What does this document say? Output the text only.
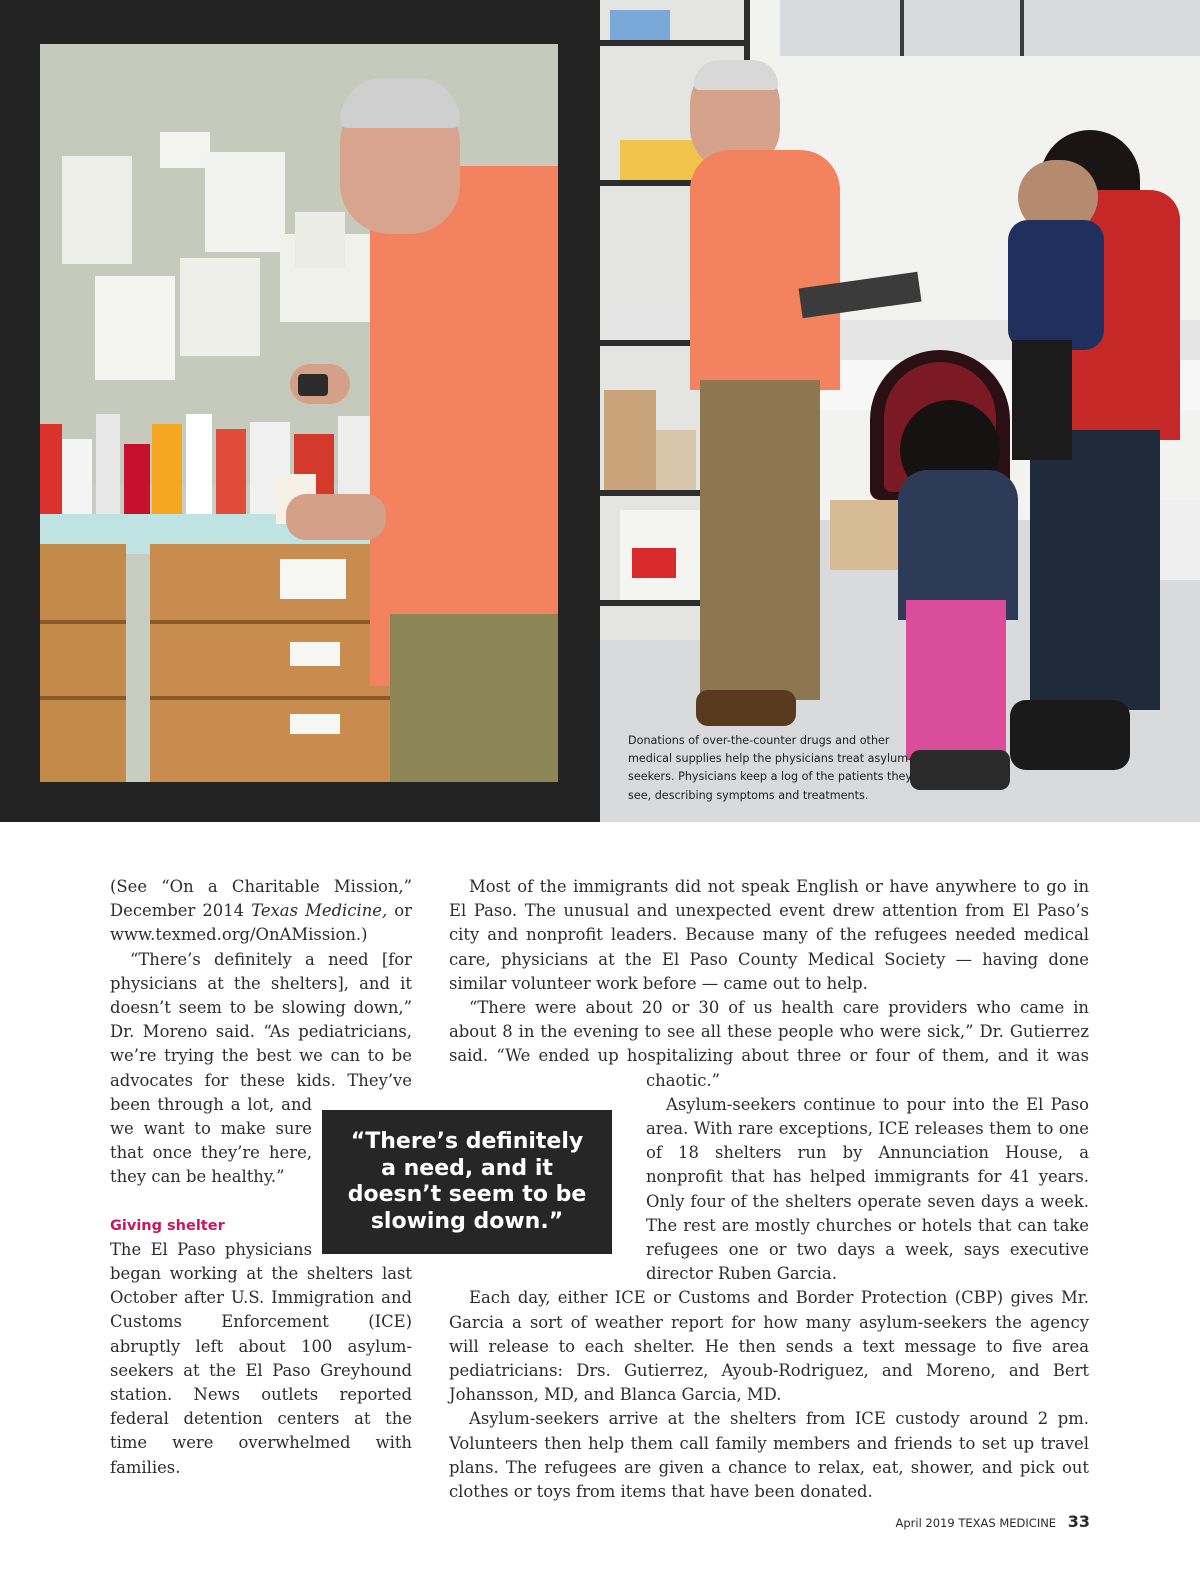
Donations of over-the-counter drugs and other medical supplies help the physicians treat asylum-seekers. Physicians keep a log of the patients they see, describing symptoms and treatments.

(See “On a Charitable Mission,” December 2014 Texas Medicine, or www.texmed.org/OnAMission.)

“There’s definitely a need [for physicians at the shelters], and it doesn’t seem to be slowing down,” Dr. Moreno said. “As pediatricians, we’re trying the best we can to be advocates for these kids. They’ve been through a lot, and we want to make sure that once they’re here, they can be healthy.”

Giving shelter

The El Paso physicians began working at the shelters last October after U.S. Immigration and Customs Enforcement (ICE) abruptly left about 100 asylum-seekers at the El Paso Greyhound station. News outlets reported federal detention centers at the time were overwhelmed with families.

Most of the immigrants did not speak English or have anywhere to go in El Paso. The unusual and unexpected event drew attention from El Paso’s city and nonprofit leaders. Because many of the refugees needed medical care, physicians at the El Paso County Medical Society — having done similar volunteer work before — came out to help.

“There were about 20 or 30 of us health care providers who came in about 8 in the evening to see all these people who were sick,” Dr. Gutierrez said. “We ended up hospitalizing about three or four of them, and it was chaotic.”

Asylum-seekers continue to pour into the El Paso area. With rare exceptions, ICE releases them to one of 18 shelters run by Annunciation House, a nonprofit that has helped immigrants for 41 years. Only four of the shelters operate seven days a week. The rest are mostly churches or hotels that can take refugees one or two days a week, says executive director Ruben Garcia.

Each day, either ICE or Customs and Border Protection (CBP) gives Mr. Garcia a sort of weather report for how many asylum-seekers the agency will release to each shelter. He then sends a text message to five area pediatricians: Drs. Gutierrez, Ayoub-Rodriguez, and Moreno, and Bert Johansson, MD, and Blanca Garcia, MD.

Asylum-seekers arrive at the shelters from ICE custody around 2 pm. Volunteers then help them call family members and friends to set up travel plans. The refugees are given a chance to relax, eat, shower, and pick out clothes or toys from items that have been donated.

“There’s definitely a need, and it doesn’t seem to be slowing down.”
April 2019 TEXAS MEDICINE 33
